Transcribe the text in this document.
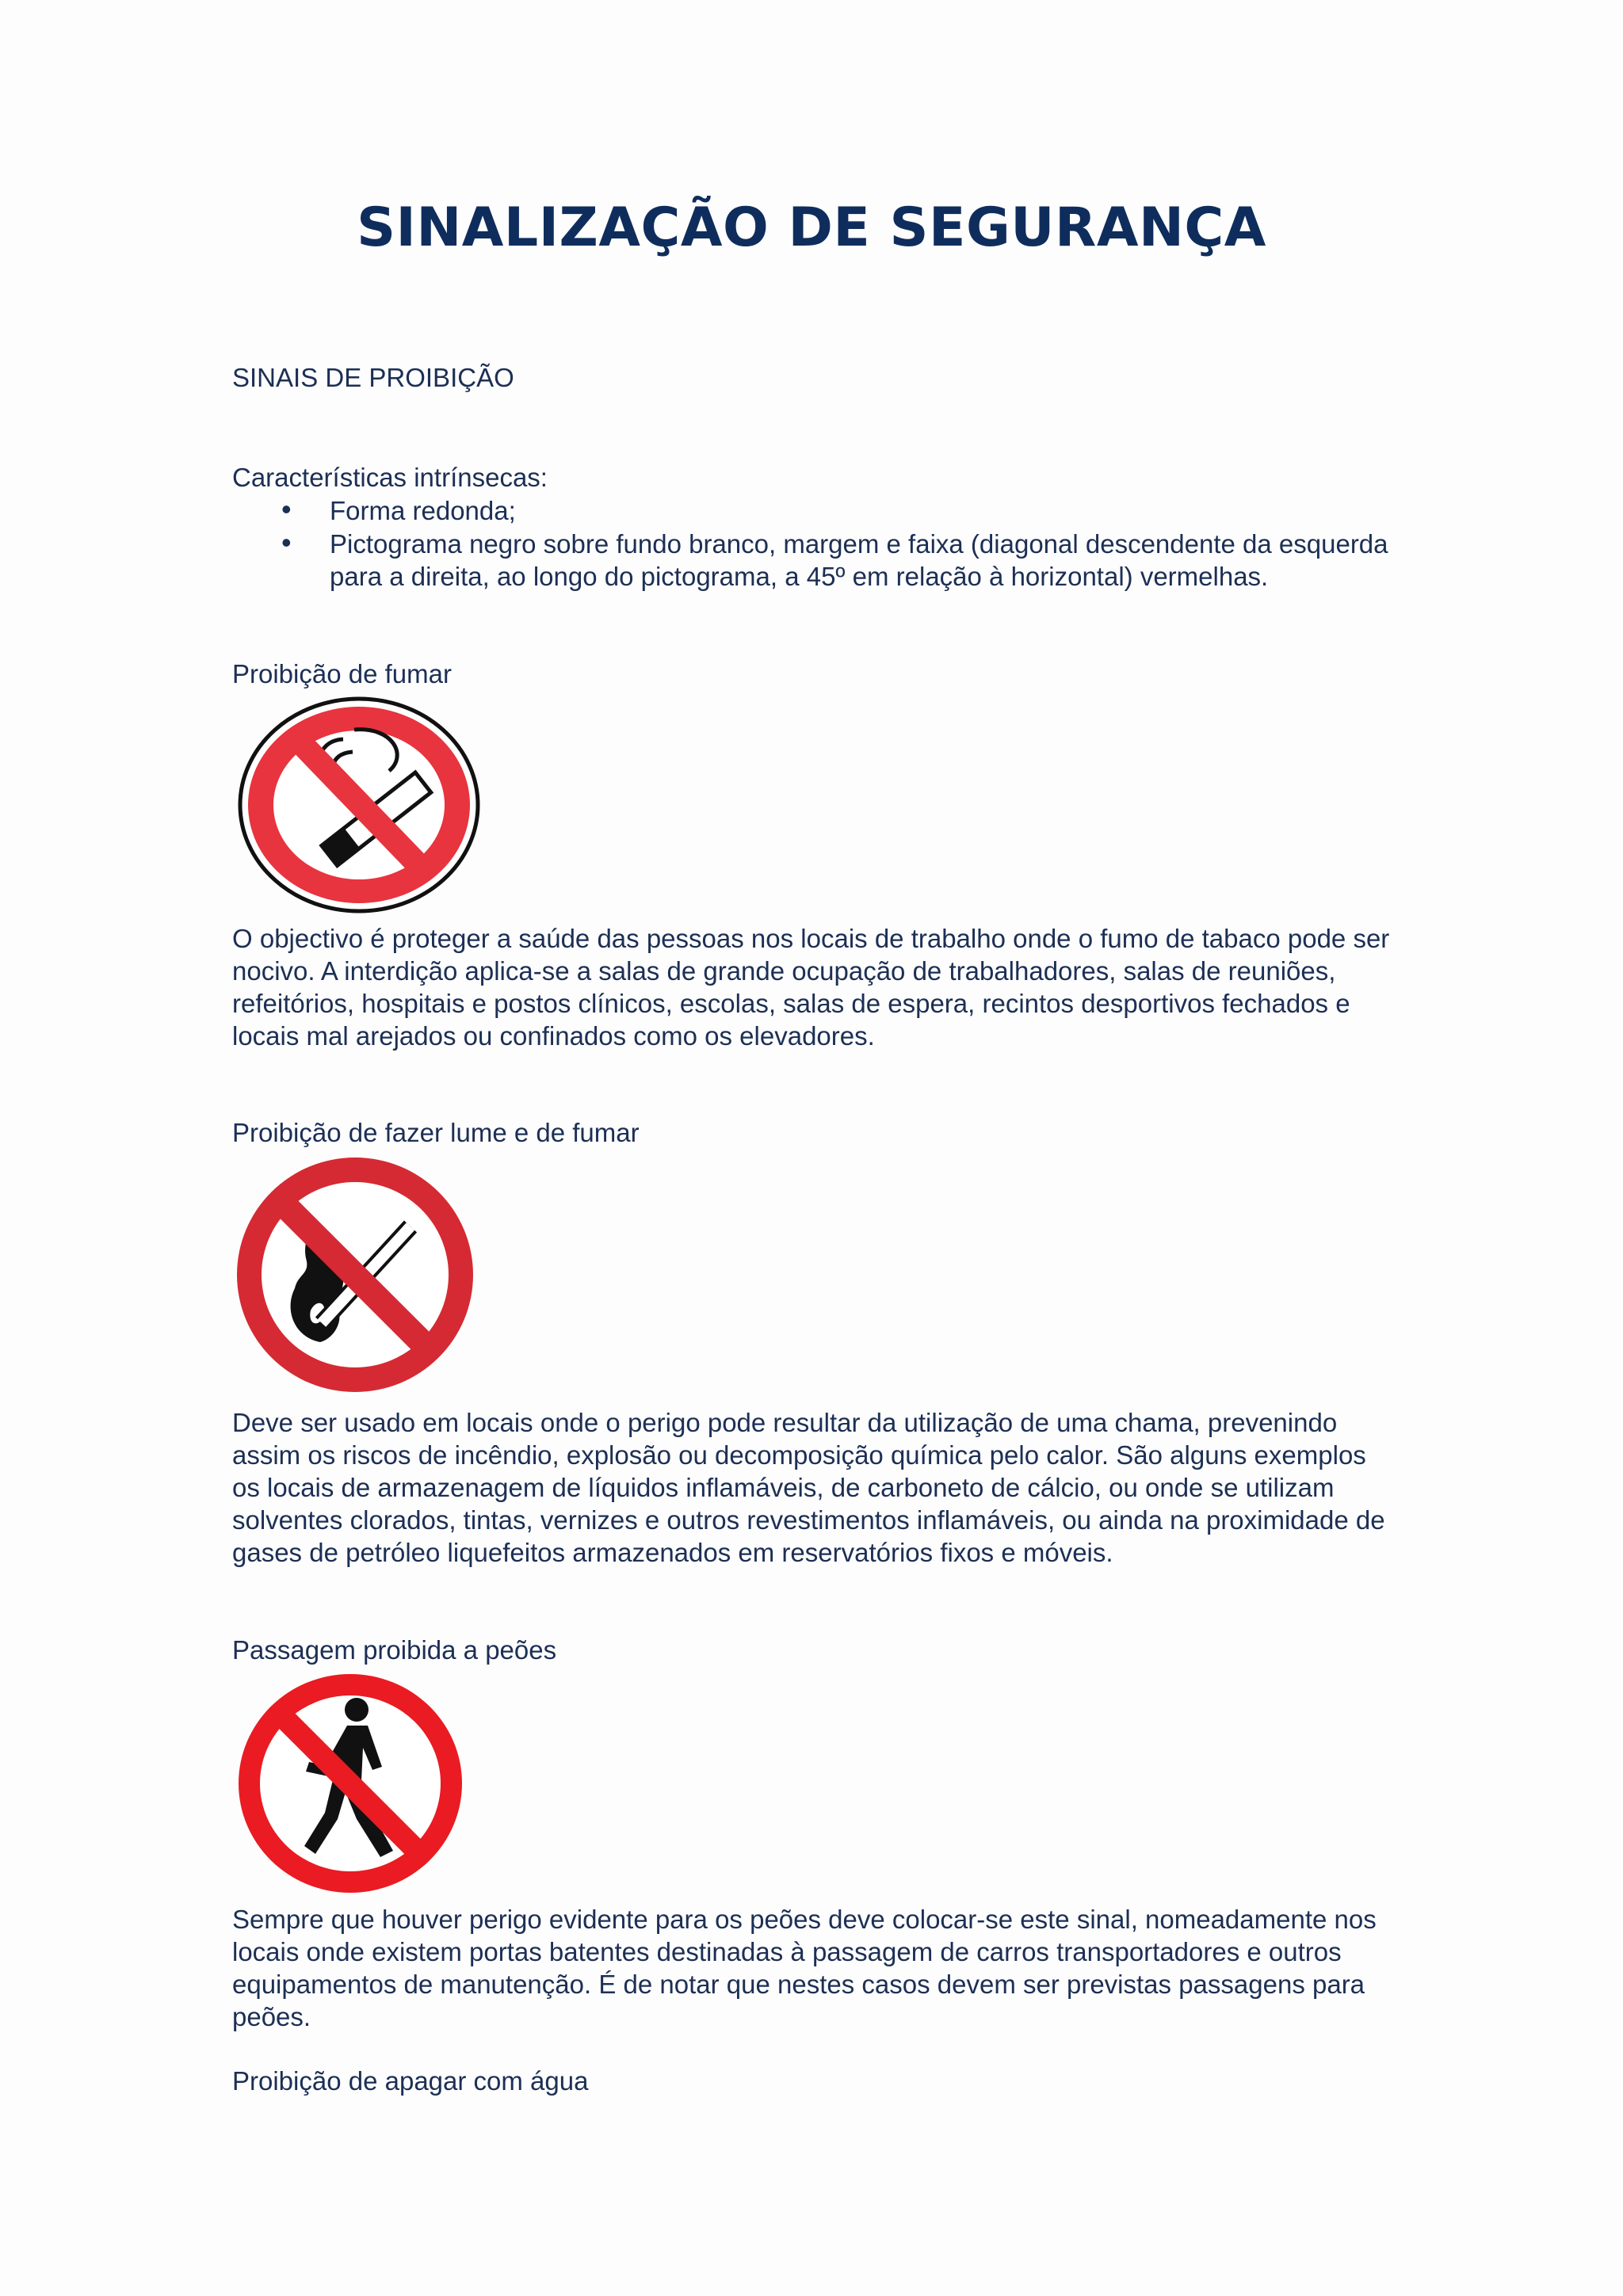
SINALIZAÇÃO DE SEGURANÇA

SINAIS DE PROIBIÇÃO

Características intrínsecas:

• Forma redonda;

• Pictograma negro sobre fundo branco, margem e faixa (diagonal descendente da esquerda

para a direita, ao longo do pictograma, a 45º em relação à horizontal) vermelhas.

Proibição de fumar

O objectivo é proteger a saúde das pessoas nos locais de trabalho onde o fumo de tabaco pode ser
nocivo. A interdição aplica-se a salas de grande ocupação de trabalhadores, salas de reuniões,
refeitórios, hospitais e postos clínicos, escolas, salas de espera, recintos desportivos fechados e
locais mal arejados ou confinados como os elevadores.

Proibição de fazer lume e de fumar

Deve ser usado em locais onde o perigo pode resultar da utilização de uma chama, prevenindo
assim os riscos de incêndio, explosão ou decomposição química pelo calor. São alguns exemplos
os locais de armazenagem de líquidos inflamáveis, de carboneto de cálcio, ou onde se utilizam
solventes clorados, tintas, vernizes e outros revestimentos inflamáveis, ou ainda na proximidade de
gases de petróleo liquefeitos armazenados em reservatórios fixos e móveis.

Passagem proibida a peões

Sempre que houver perigo evidente para os peões deve colocar-se este sinal, nomeadamente nos
locais onde existem portas batentes destinadas à passagem de carros transportadores e outros
equipamentos de manutenção. É de notar que nestes casos devem ser previstas passagens para
peões.

Proibição de apagar com água
